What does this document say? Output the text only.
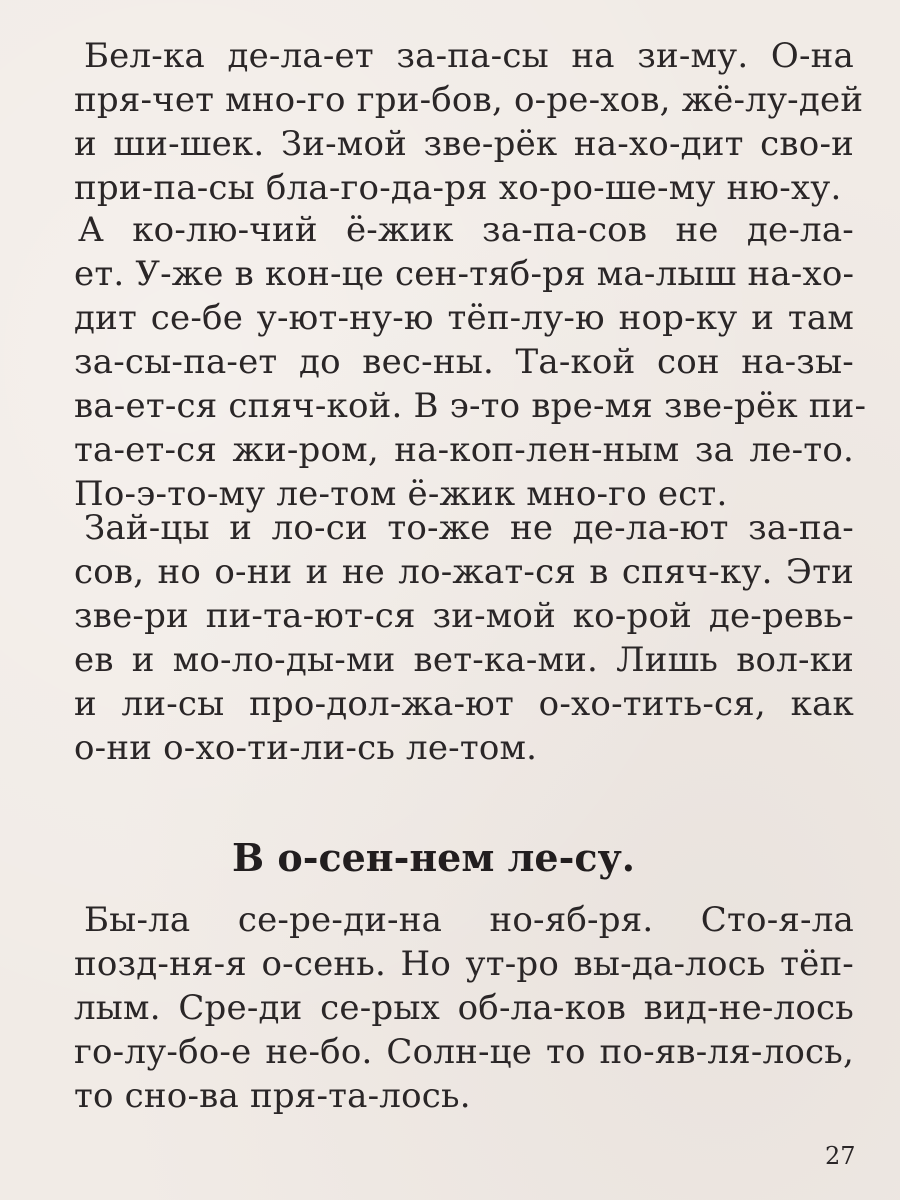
Бел-ка де-ла-ет за-па-сы на зи-му. О-на
пря-чет мно-го гри-бов, о-ре-хов, жё-лу-дей
и ши-шек. Зи-мой зве-рёк на-хо-дит сво-и
при-па-сы бла-го-да-ря хо-ро-ше-му ню-ху.
А ко-лю-чий ё-жик за-па-сов не де-ла-
ет. У-же в кон-це сен-тяб-ря ма-лыш на-хо-
дит се-бе у-ют-ну-ю тёп-лу-ю нор-ку и там
за-сы-па-ет до вес-ны. Та-кой сон на-зы-
ва-ет-ся спяч-кой. В э-то вре-мя зве-рёк пи-
та-ет-ся жи-ром, на-коп-лен-ным за ле-то.
По-э-то-му ле-том ё-жик мно-го ест.
Зай-цы и ло-си то-же не де-ла-ют за-па-
сов, но о-ни и не ло-жат-ся в спяч-ку. Эти
зве-ри пи-та-ют-ся зи-мой ко-рой де-ревь-
ев и мо-ло-ды-ми вет-ка-ми. Лишь вол-ки
и ли-сы про-дол-жа-ют о-хо-тить-ся, как
о-ни о-хо-ти-ли-сь ле-том.
В о-сен-нем ле-су.
Бы-ла се-ре-ди-на но-яб-ря. Сто-я-ла
позд-ня-я о-сень. Но ут-ро вы-да-лось тёп-
лым. Сре-ди се-рых об-ла-ков вид-не-лось
го-лу-бо-е не-бо. Солн-це то по-яв-ля-лось,
то сно-ва пря-та-лось.
27
